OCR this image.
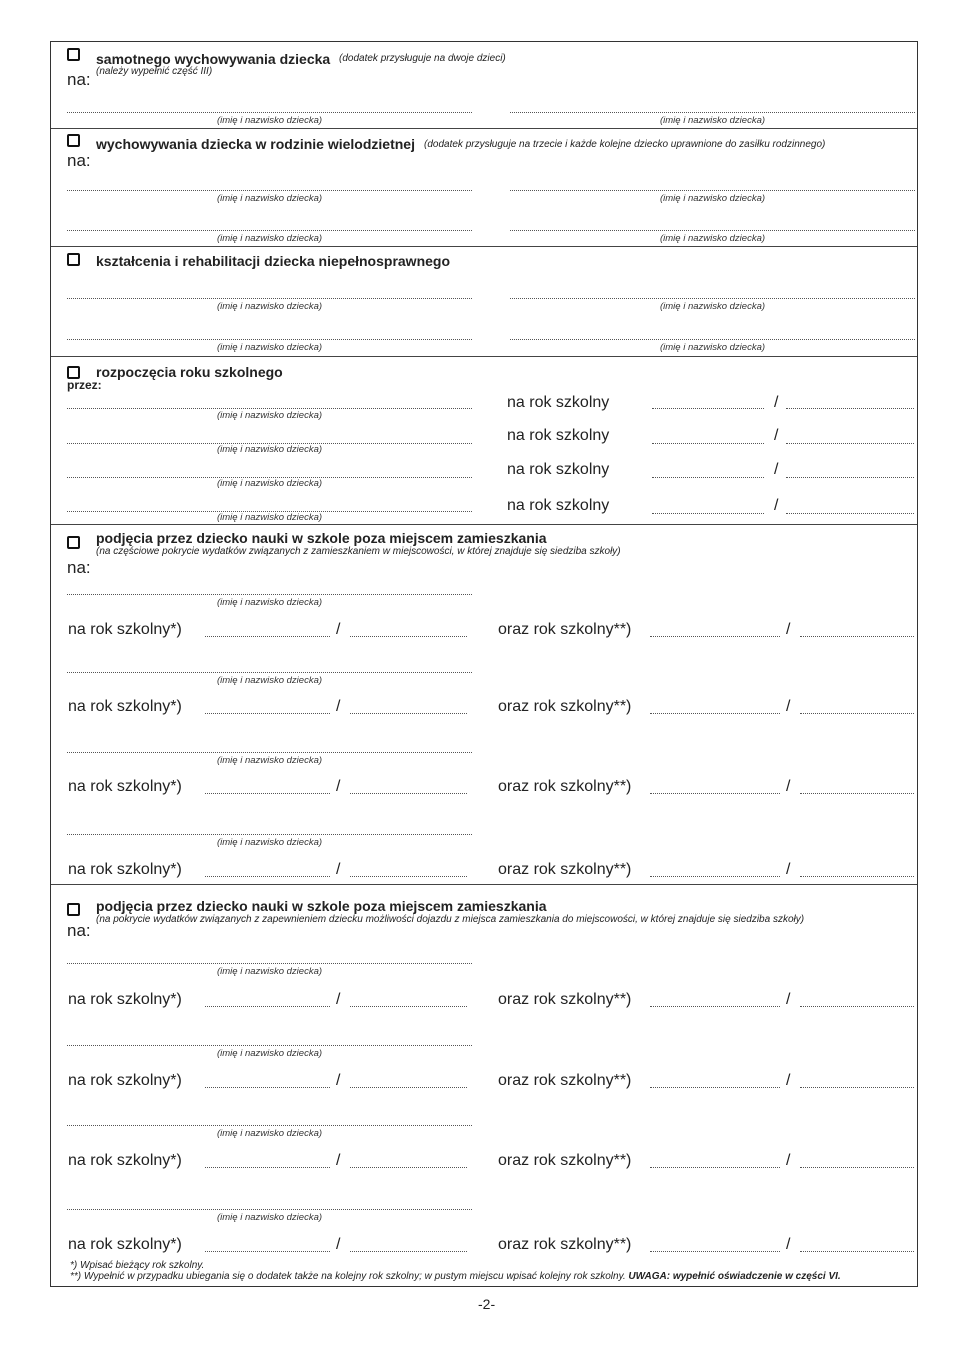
samotnego wychowywania dziecka (dodatek przysługuje na dwoje dzieci)
na: (należy wypełnić część III)
(imię i nazwisko dziecka)	(imię i nazwisko dziecka)
wychowywania dziecka w rodzinie wielodzietnej (dodatek przysługuje na trzecie i każde kolejne dziecko uprawnione do zasiłku rodzinnego)
na:
(imię i nazwisko dziecka)	(imię i nazwisko dziecka)
(imię i nazwisko dziecka)	(imię i nazwisko dziecka)
kształcenia i rehabilitacji dziecka niepełnosprawnego
(imię i nazwisko dziecka)	(imię i nazwisko dziecka)
(imię i nazwisko dziecka)	(imię i nazwisko dziecka)
rozpoczęcia roku szkolnego
przez:
(imię i nazwisko dziecka)
na rok szkolny	/
(imię i nazwisko dziecka)
na rok szkolny	/
(imię i nazwisko dziecka)
na rok szkolny	/
(imię i nazwisko dziecka)
na rok szkolny	/
podjęcia przez dziecko nauki w szkole poza miejscem zamieszkania
(na częściowe pokrycie wydatków związanych z zamieszkaniem w miejscowości, w której znajduje się siedziba szkoły)
na:
(imię i nazwisko dziecka)
na rok szkolny*)	/	oraz rok szkolny**)	/
(imię i nazwisko dziecka)
na rok szkolny*)	/	oraz rok szkolny**)	/
(imię i nazwisko dziecka)
na rok szkolny*)	/	oraz rok szkolny**)	/
(imię i nazwisko dziecka)
na rok szkolny*)	/	oraz rok szkolny**)	/
podjęcia przez dziecko nauki w szkole poza miejscem zamieszkania
(na pokrycie wydatków związanych z zapewnieniem dziecku możliwości dojazdu z miejsca zamieszkania do miejscowości, w której znajduje się siedziba szkoły)
na:
(imię i nazwisko dziecka)
na rok szkolny*)	/	oraz rok szkolny**)	/
(imię i nazwisko dziecka)
na rok szkolny*)	/	oraz rok szkolny**)	/
(imię i nazwisko dziecka)
na rok szkolny*)	/	oraz rok szkolny**)	/
(imię i nazwisko dziecka)
na rok szkolny*)	/	oraz rok szkolny**)	/
*) Wpisać bieżący rok szkolny.
**) Wypełnić w przypadku ubiegania się o dodatek także na kolejny rok szkolny; w pustym miejscu wpisać kolejny rok szkolny. UWAGA: wypełnić oświadczenie w części VI.
-2-
